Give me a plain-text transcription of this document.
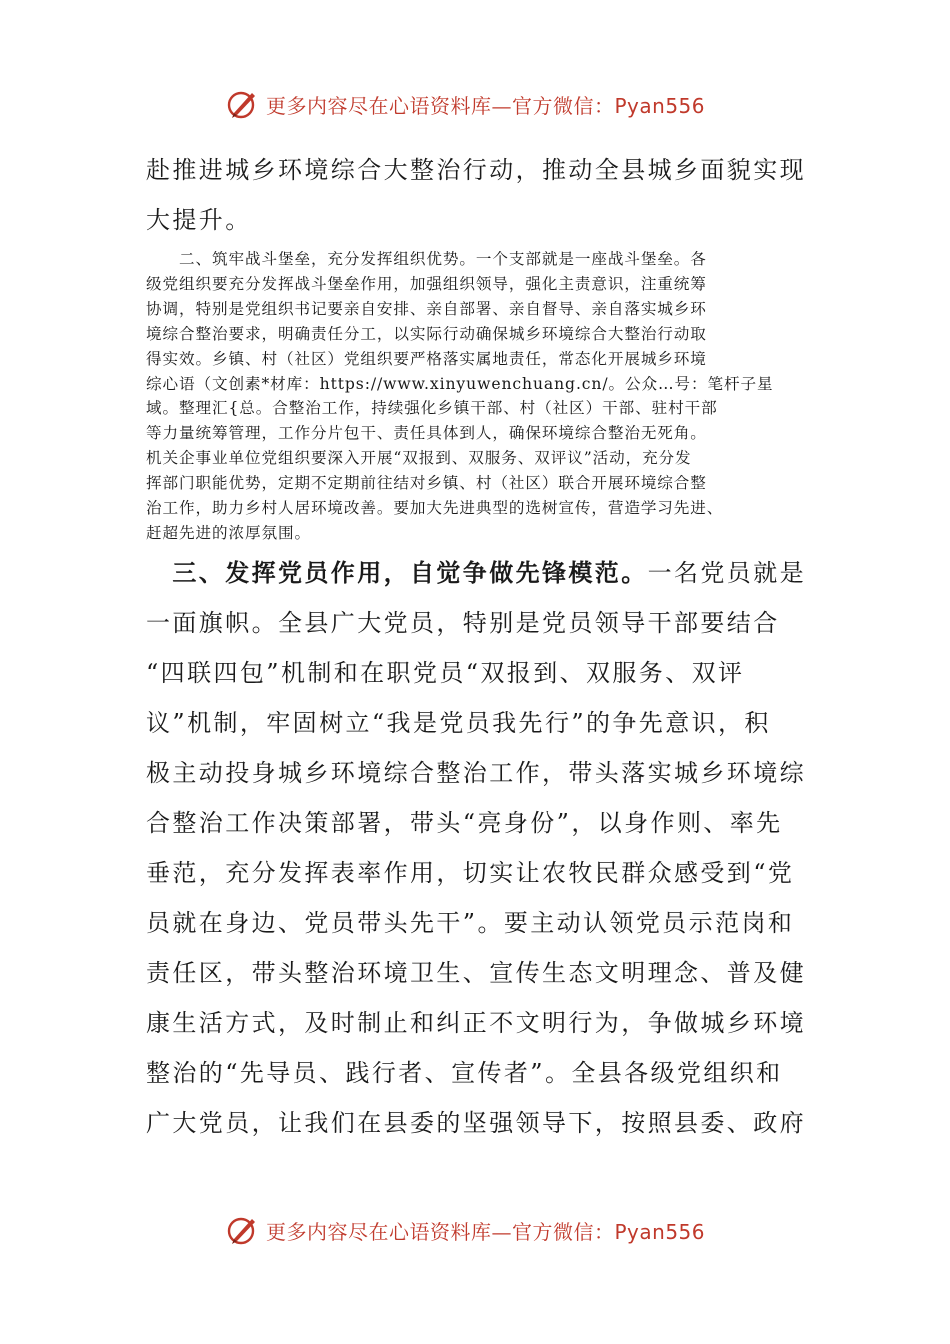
更多内容尽在心语资料库—官方微信：Pyan556
赴推进城乡环境综合大整治行动，推动全县城乡面貌实现
大提升。
　　二、筑牢战斗堡垒，充分发挥组织优势。一个支部就是一座战斗堡垒。各
级党组织要充分发挥战斗堡垒作用，加强组织领导，强化主责意识，注重统筹
协调，特别是党组织书记要亲自安排、亲自部署、亲自督导、亲自落实城乡环
境综合整治要求，明确责任分工，以实际行动确保城乡环境综合大整治行动取
得实效。乡镇、村（社区）党组织要严格落实属地责任，常态化开展城乡环境
综心语（文创素*材库：https://www.xinyuwenchuang.cn/。公众…号：笔杆子星
域。整理汇{总。合整治工作，持续强化乡镇干部、村（社区）干部、驻村干部
等力量统筹管理，工作分片包干、责任具体到人，确保环境综合整治无死角。
机关企事业单位党组织要深入开展“双报到、双服务、双评议”活动，充分发
挥部门职能优势，定期不定期前往结对乡镇、村（社区）联合开展环境综合整
治工作，助力乡村人居环境改善。要加大先进典型的选树宣传，营造学习先进、
赶超先进的浓厚氛围。
　三、发挥党员作用，自觉争做先锋模范。一名党员就是
一面旗帜。全县广大党员，特别是党员领导干部要结合
“四联四包”机制和在职党员“双报到、双服务、双评
议”机制，牢固树立“我是党员我先行”的争先意识，积
极主动投身城乡环境综合整治工作，带头落实城乡环境综
合整治工作决策部署，带头“亮身份”，以身作则、率先
垂范，充分发挥表率作用，切实让农牧民群众感受到“党
员就在身边、党员带头先干”。要主动认领党员示范岗和
责任区，带头整治环境卫生、宣传生态文明理念、普及健
康生活方式，及时制止和纠正不文明行为，争做城乡环境
整治的“先导员、践行者、宣传者”。全县各级党组织和
广大党员，让我们在县委的坚强领导下，按照县委、政府
更多内容尽在心语资料库—官方微信：Pyan556
